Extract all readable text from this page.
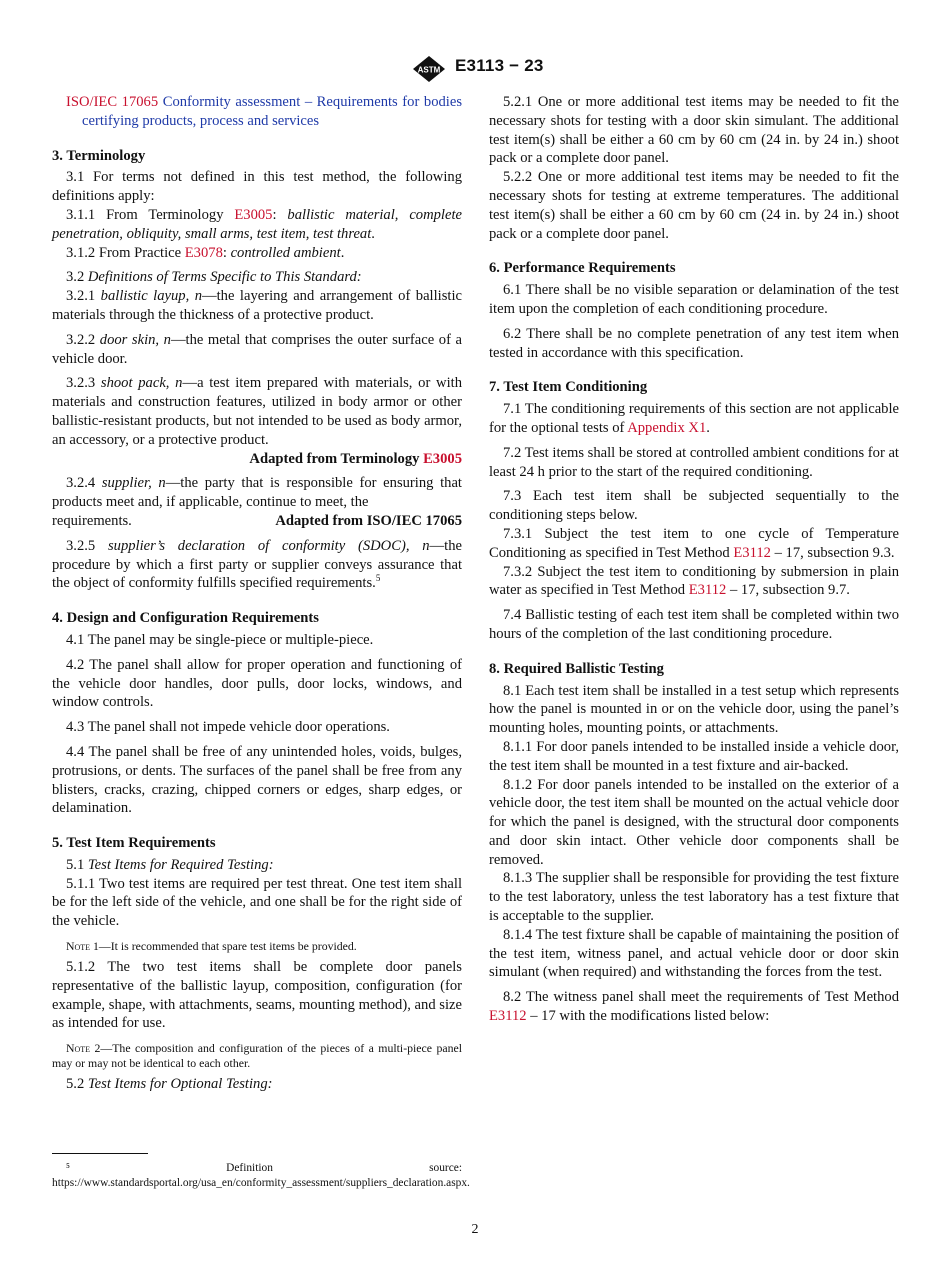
ASTM E3113 − 23

ISO/IEC 17065 Conformity assessment – Requirements for bodies certifying products, process and services

3. Terminology

3.1 For terms not defined in this test method, the following definitions apply:

3.1.1 From Terminology E3005: ballistic material, complete penetration, obliquity, small arms, test item, test threat.

3.1.2 From Practice E3078: controlled ambient.

3.2 Definitions of Terms Specific to This Standard:

3.2.1 ballistic layup, n—the layering and arrangement of ballistic materials through the thickness of a protective product.

3.2.2 door skin, n—the metal that comprises the outer surface of a vehicle door.

3.2.3 shoot pack, n—a test item prepared with materials, or with materials and construction features, utilized in body armor or other ballistic-resistant products, but not intended to be used as body armor, an accessory, or a protective product.

Adapted from Terminology E3005

3.2.4 supplier, n—the party that is responsible for ensuring that products meet and, if applicable, continue to meet, the

requirements.	Adapted from ISO/IEC 17065

3.2.5 supplier’s declaration of conformity (SDOC), n—the procedure by which a first party or supplier conveys assurance that the object of conformity fulfills specified requirements.$^5$

4. Design and Configuration Requirements

4.1 The panel may be single-piece or multiple-piece.

4.2 The panel shall allow for proper operation and functioning of the vehicle door handles, door pulls, door locks, windows, and window controls.

4.3 The panel shall not impede vehicle door operations.

4.4 The panel shall be free of any unintended holes, voids, bulges, protrusions, or dents. The surfaces of the panel shall be free from any blisters, cracks, crazing, chipped corners or edges, sharp edges, or delamination.

5. Test Item Requirements

5.1 Test Items for Required Testing:

5.1.1 Two test items are required per test threat. One test item shall be for the left side of the vehicle, and one shall be for the right side of the vehicle.

Note 1—It is recommended that spare test items be provided.

5.1.2 The two test items shall be complete door panels representative of the ballistic layup, composition, configuration (for example, shape, with attachments, seams, mounting method), and size as intended for use.

Note 2—The composition and configuration of the pieces of a multi-piece panel may or may not be identical to each other.

5.2 Test Items for Optional Testing:

⁵ Definition source: https://www.standardsportal.org/usa_en/conformity_assessment/suppliers_declaration.aspx.

5.2.1 One or more additional test items may be needed to fit the necessary shots for testing with a door skin simulant. The additional test item(s) shall be either a 60 cm by 60 cm (24 in. by 24 in.) shoot pack or a complete door panel.

5.2.2 One or more additional test items may be needed to fit the necessary shots for testing at extreme temperatures. The additional test item(s) shall be either a 60 cm by 60 cm (24 in. by 24 in.) shoot pack or a complete door panel.

6. Performance Requirements

6.1 There shall be no visible separation or delamination of the test item upon the completion of each conditioning procedure.

6.2 There shall be no complete penetration of any test item when tested in accordance with this specification.

7. Test Item Conditioning

7.1 The conditioning requirements of this section are not applicable for the optional tests of Appendix X1.

7.2 Test items shall be stored at controlled ambient conditions for at least 24 h prior to the start of the required conditioning.

7.3 Each test item shall be subjected sequentially to the conditioning steps below.

7.3.1 Subject the test item to one cycle of Temperature Conditioning as specified in Test Method E3112 – 17, subsection 9.3.

7.3.2 Subject the test item to conditioning by submersion in plain water as specified in Test Method E3112 – 17, subsection 9.7.

7.4 Ballistic testing of each test item shall be completed within two hours of the completion of the last conditioning procedure.

8. Required Ballistic Testing

8.1 Each test item shall be installed in a test setup which represents how the panel is mounted in or on the vehicle door, using the panel’s mounting holes, mounting points, or attachments.

8.1.1 For door panels intended to be installed inside a vehicle door, the test item shall be mounted in a test fixture and air-backed.

8.1.2 For door panels intended to be installed on the exterior of a vehicle door, the test item shall be mounted on the actual vehicle door for which the panel is designed, with the structural door components and door skin intact. Other vehicle door components shall be removed.

8.1.3 The supplier shall be responsible for providing the test fixture to the test laboratory, unless the test laboratory has a test fixture that is acceptable to the supplier.

8.1.4 The test fixture shall be capable of maintaining the position of the test item, witness panel, and actual vehicle door or door skin simulant (when required) and withstanding the forces from the test.

8.2 The witness panel shall meet the requirements of Test Method E3112 – 17 with the modifications listed below:

2
